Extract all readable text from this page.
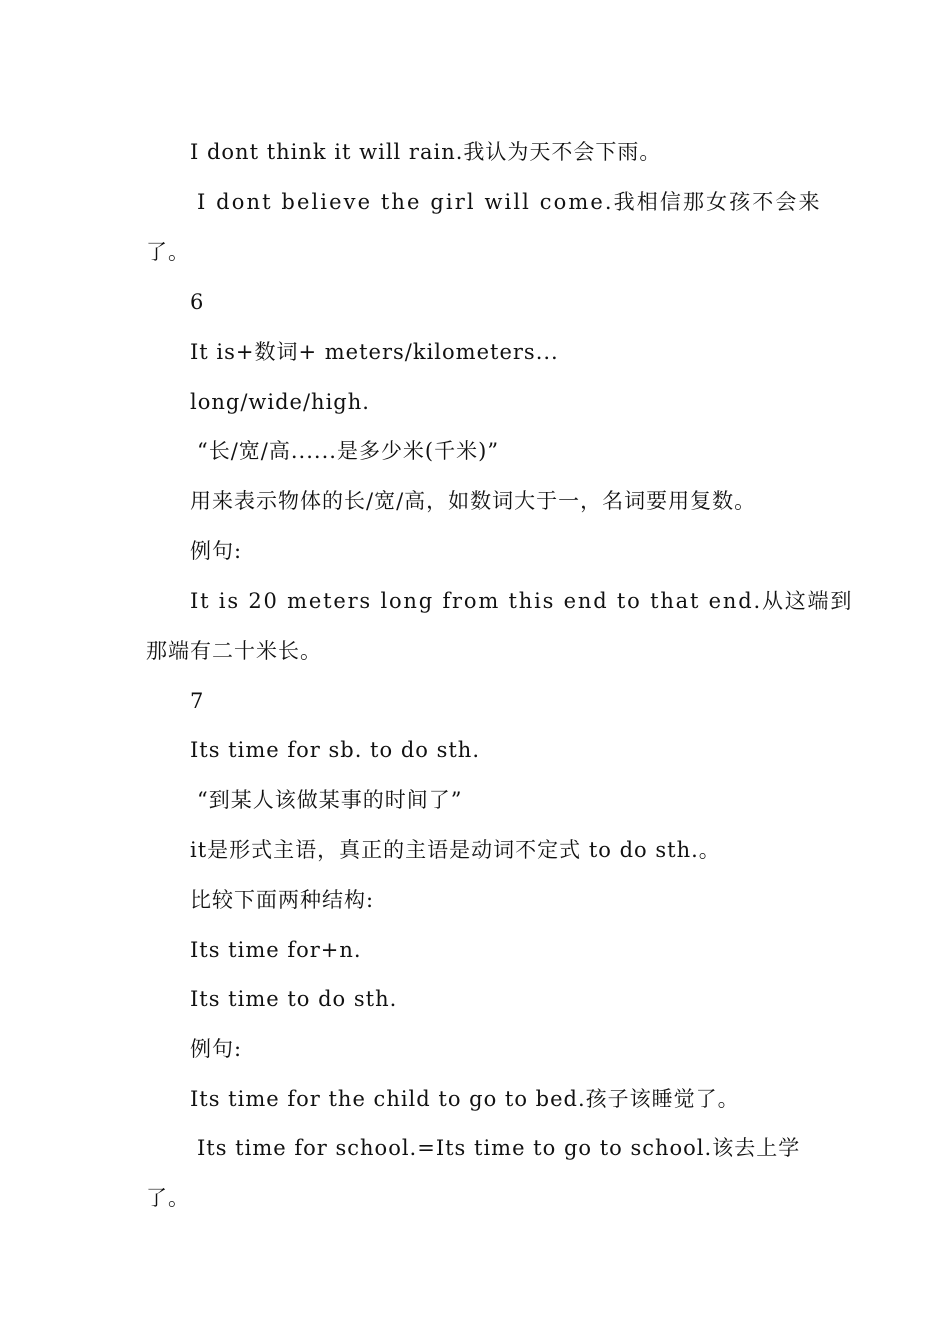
I dont think it will rain.我认为天不会下雨。
I dont believe the girl will come.我相信那女孩不会来
了。
6
It is+数词+ meters/kilometers...
long/wide/high.
“长/宽/高......是多少米(千米)”
用来表示物体的长/宽/高，如数词大于一，名词要用复数。
例句:
It is 20 meters long from this end to that end.从这端到
那端有二十米长。
7
Its time for sb. to do sth.
“到某人该做某事的时间了”
it是形式主语，真正的主语是动词不定式 to do sth.。
比较下面两种结构:
Its time for+n.
Its time to do sth.
例句:
Its time for the child to go to bed.孩子该睡觉了。
Its time for school.=Its time to go to school.该去上学
了。
